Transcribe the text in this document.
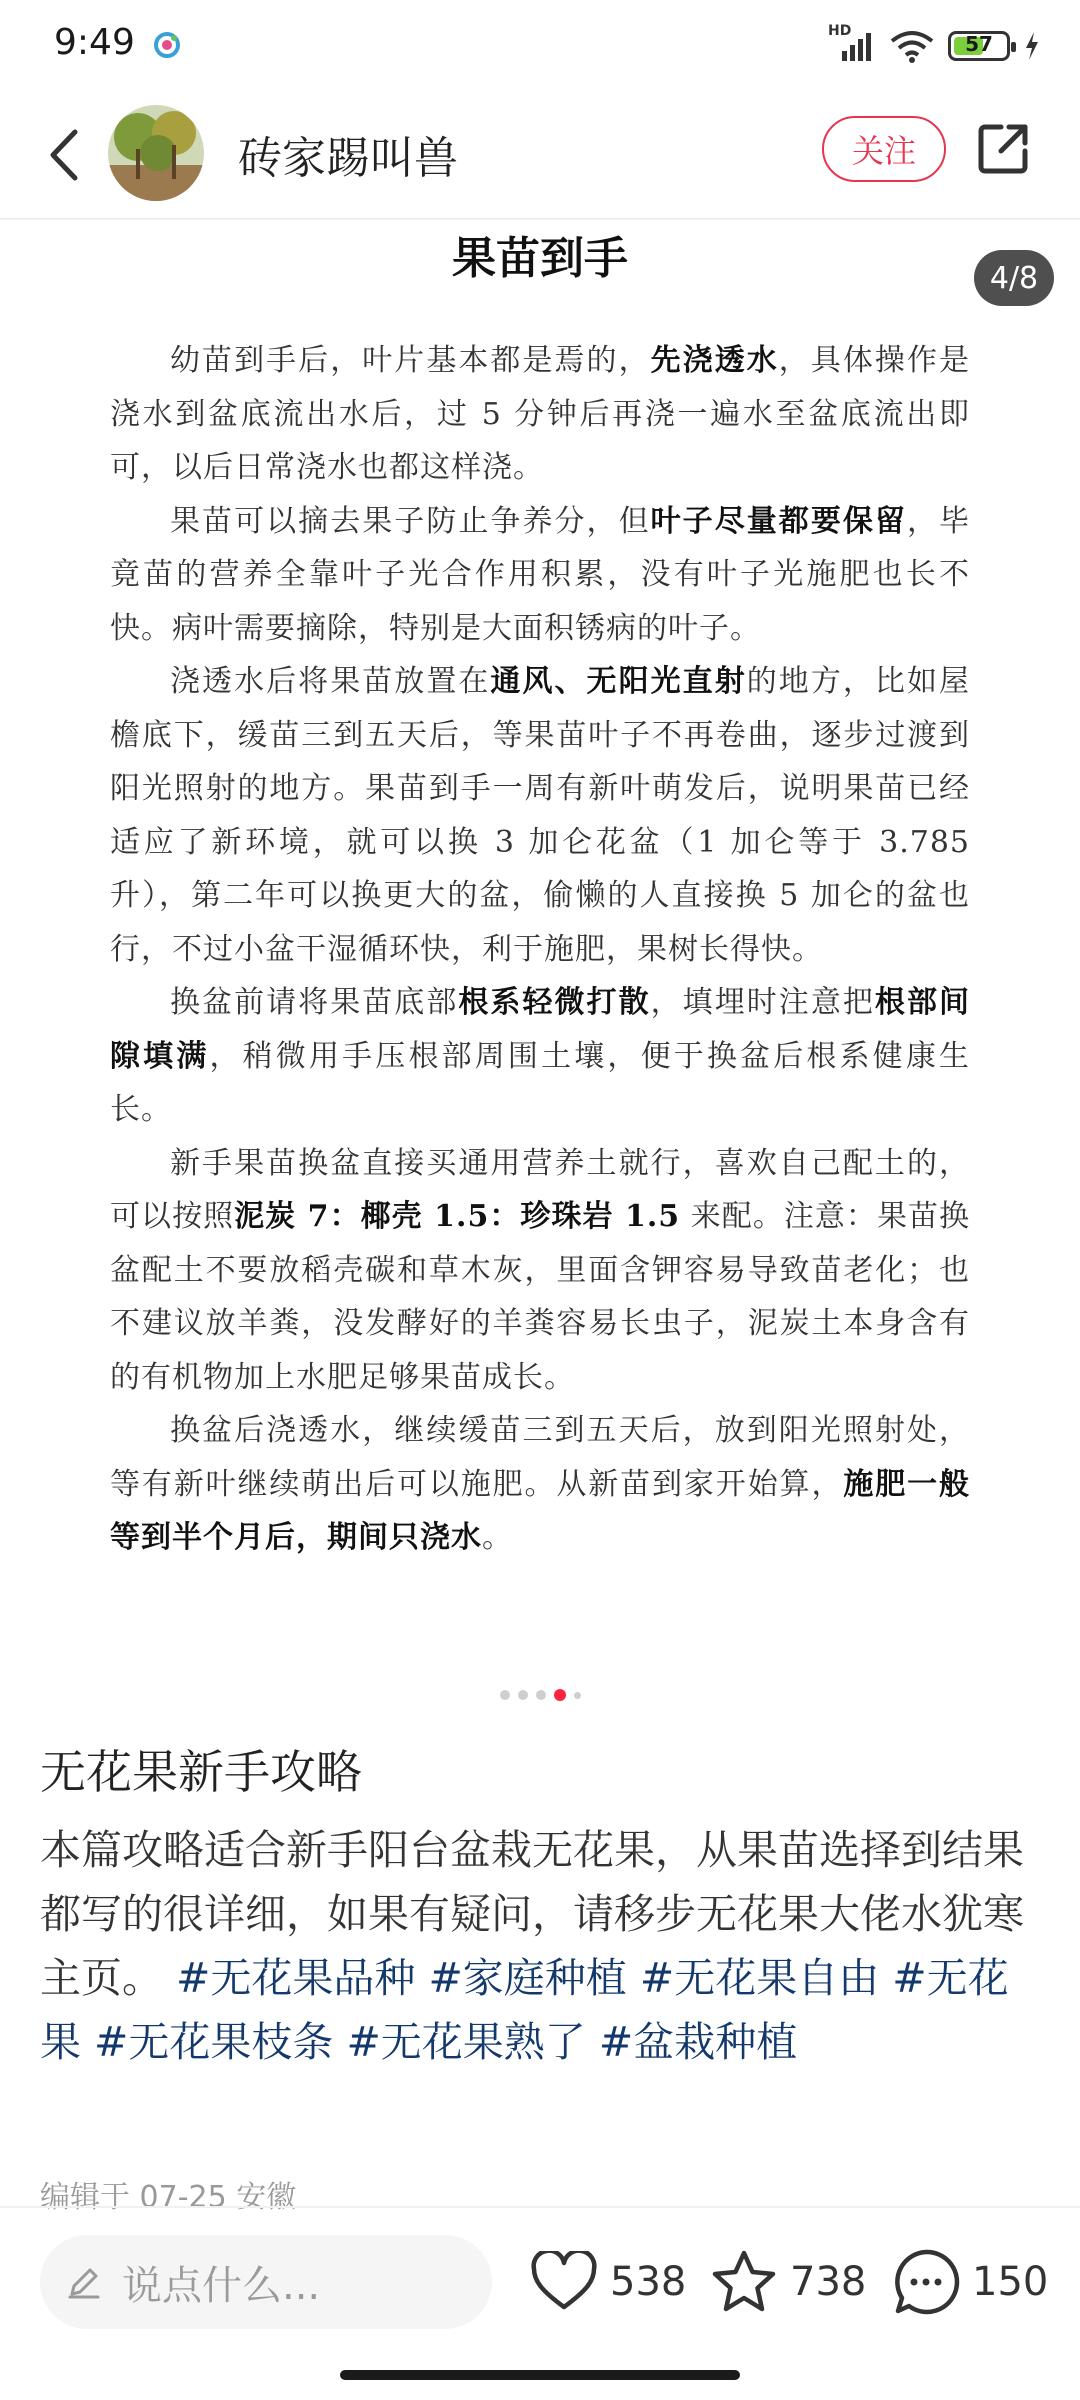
9:49	HD
57
砖家踢叫兽	关注
果苗到手

幼苗到手后，叶片基本都是焉的，先浇透水，具体操作是浇水到盆底流出水后，过 5 分钟后再浇一遍水至盆底流出即可，以后日常浇水也都这样浇。

果苗可以摘去果子防止争养分，但叶子尽量都要保留，毕竟苗的营养全靠叶子光合作用积累，没有叶子光施肥也长不快。病叶需要摘除，特别是大面积锈病的叶子。

浇透水后将果苗放置在通风、无阳光直射的地方，比如屋檐底下，缓苗三到五天后，等果苗叶子不再卷曲，逐步过渡到阳光照射的地方。果苗到手一周有新叶萌发后，说明果苗已经适应了新环境，就可以换 3 加仑花盆（1 加仑等于 3.785 升），第二年可以换更大的盆，偷懒的人直接换 5 加仑的盆也行，不过小盆干湿循环快，利于施肥，果树长得快。

换盆前请将果苗底部根系轻微打散，填埋时注意把根部间隙填满，稍微用手压根部周围土壤，便于换盆后根系健康生长。

新手果苗换盆直接买通用营养土就行，喜欢自己配土的，可以按照泥炭 7：椰壳 1.5：珍珠岩 1.5 来配。注意：果苗换盆配土不要放稻壳碳和草木灰，里面含钾容易导致苗老化；也不建议放羊粪，没发酵好的羊粪容易长虫子，泥炭土本身含有的有机物加上水肥足够果苗成长。

换盆后浇透水，继续缓苗三到五天后，放到阳光照射处，等有新叶继续萌出后可以施肥。从新苗到家开始算，施肥一般等到半个月后，期间只浇水。

4/8
无花果新手攻略
本篇攻略适合新手阳台盆栽无花果，从果苗选择到结果都写的很详细，如果有疑问，请移步无花果大佬水犹寒主页。 #无花果品种 #家庭种植 #无花果自由 #无花果 #无花果枝条 #无花果熟了 #盆栽种植
编辑于 07-25 安徽
说点什么...	538	738	150
